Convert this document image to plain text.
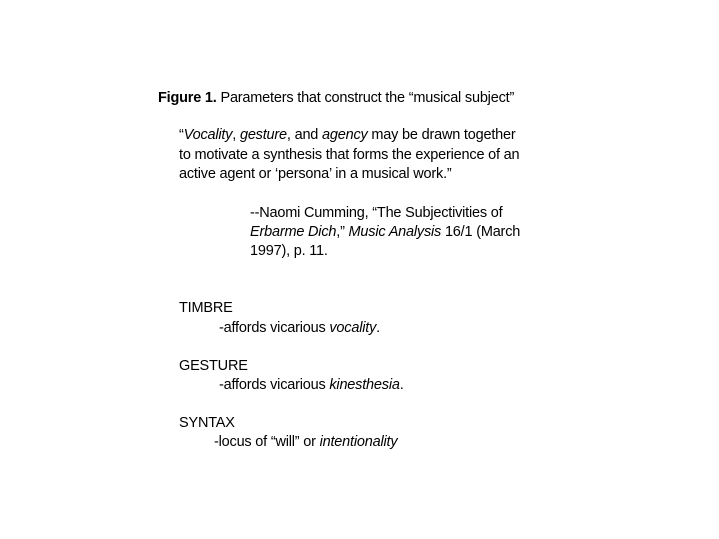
Figure 1. Parameters that construct the “musical subject”
“Vocality, gesture, and agency may be drawn together
to motivate a synthesis that forms the experience of an
active agent or ‘persona’ in a musical work.”
--Naomi Cumming, “The Subjectivities of
Erbarme Dich,” Music Analysis 16/1 (March
1997), p. 11.
TIMBRE
-affords vicarious vocality.
GESTURE
-affords vicarious kinesthesia.
SYNTAX
-locus of “will” or intentionality
